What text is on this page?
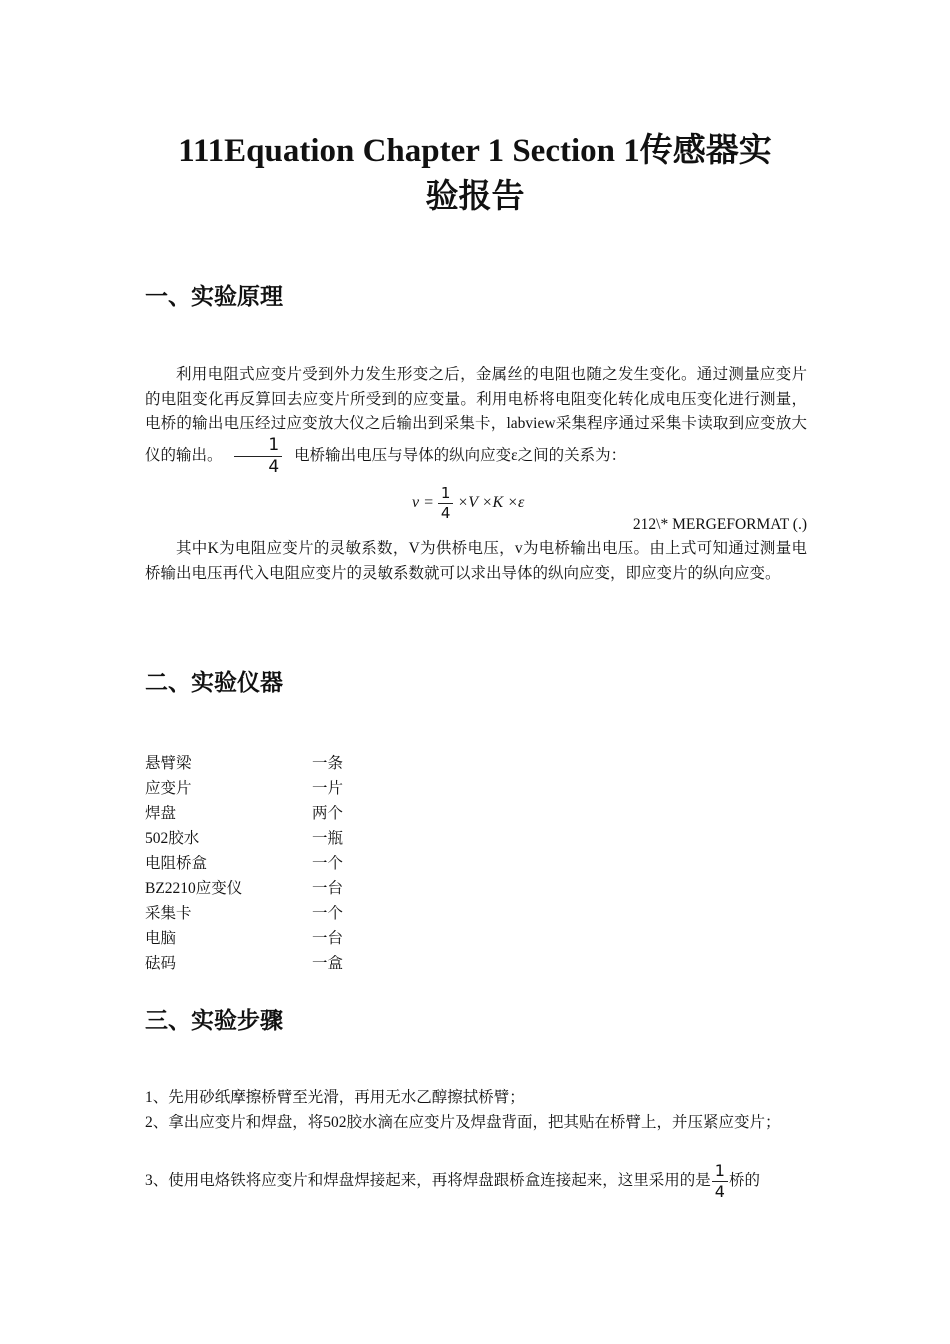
111Equation Chapter 1 Section 1传感器实
验报告
一、实验原理

利用电阻式应变片受到外力发生形变之后，金属丝的电阻也随之发生变化。通过测量应变片的电阻变化再反算回去应变片所受到的应变量。利用电桥将电阻变化转化成电压变化进行测量，电桥的输出电压经过应变放大仪之后输出到采集卡，labview采集程序通过采集卡读取到应变放大仪的输出。 $\frac{1}{4}$ 电桥输出电压与导体的纵向应变ε之间的关系为：

$v = \frac{1}{4} \times V \times K \times\varepsilon$
212\* MERGEFORMAT (.)

其中K为电阻应变片的灵敏系数，V为供桥电压，v为电桥输出电压。由上式可知通过测量电桥输出电压再代入电阻应变片的灵敏系数就可以求出导体的纵向应变，即应变片的纵向应变。

二、实验仪器
悬臂梁	一条
应变片	一片
焊盘	两个
502胶水	一瓶
电阻桥盒	一个
BZ2210应变仪	一台
采集卡	一个
电脑	一台
砝码	一盒
三、实验步骤

1、先用砂纸摩擦桥臂至光滑，再用无水乙醇擦拭桥臂；

2、拿出应变片和焊盘，将502胶水滴在应变片及焊盘背面，把其贴在桥臂上，并压紧应变片；

3、使用电烙铁将应变片和焊盘焊接起来，再将焊盘跟桥盒连接起来，这里采用的是 $\frac{1}{4}$ 桥的
